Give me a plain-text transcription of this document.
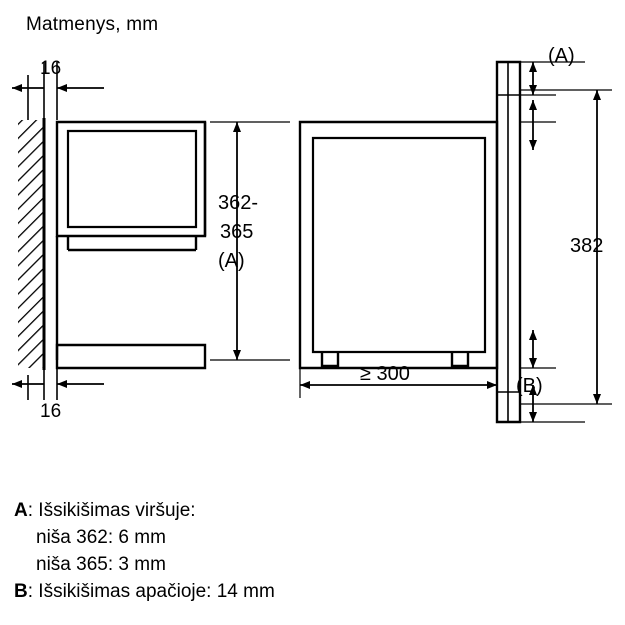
Matmenys, mm
16
16
362-
365
(A)
≥ 300
382
(A)
(B)
A: Išsikišimas viršuje:
niša 362: 6 mm
niša 365: 3 mm
B: Išsikišimas apačioje: 14 mm
